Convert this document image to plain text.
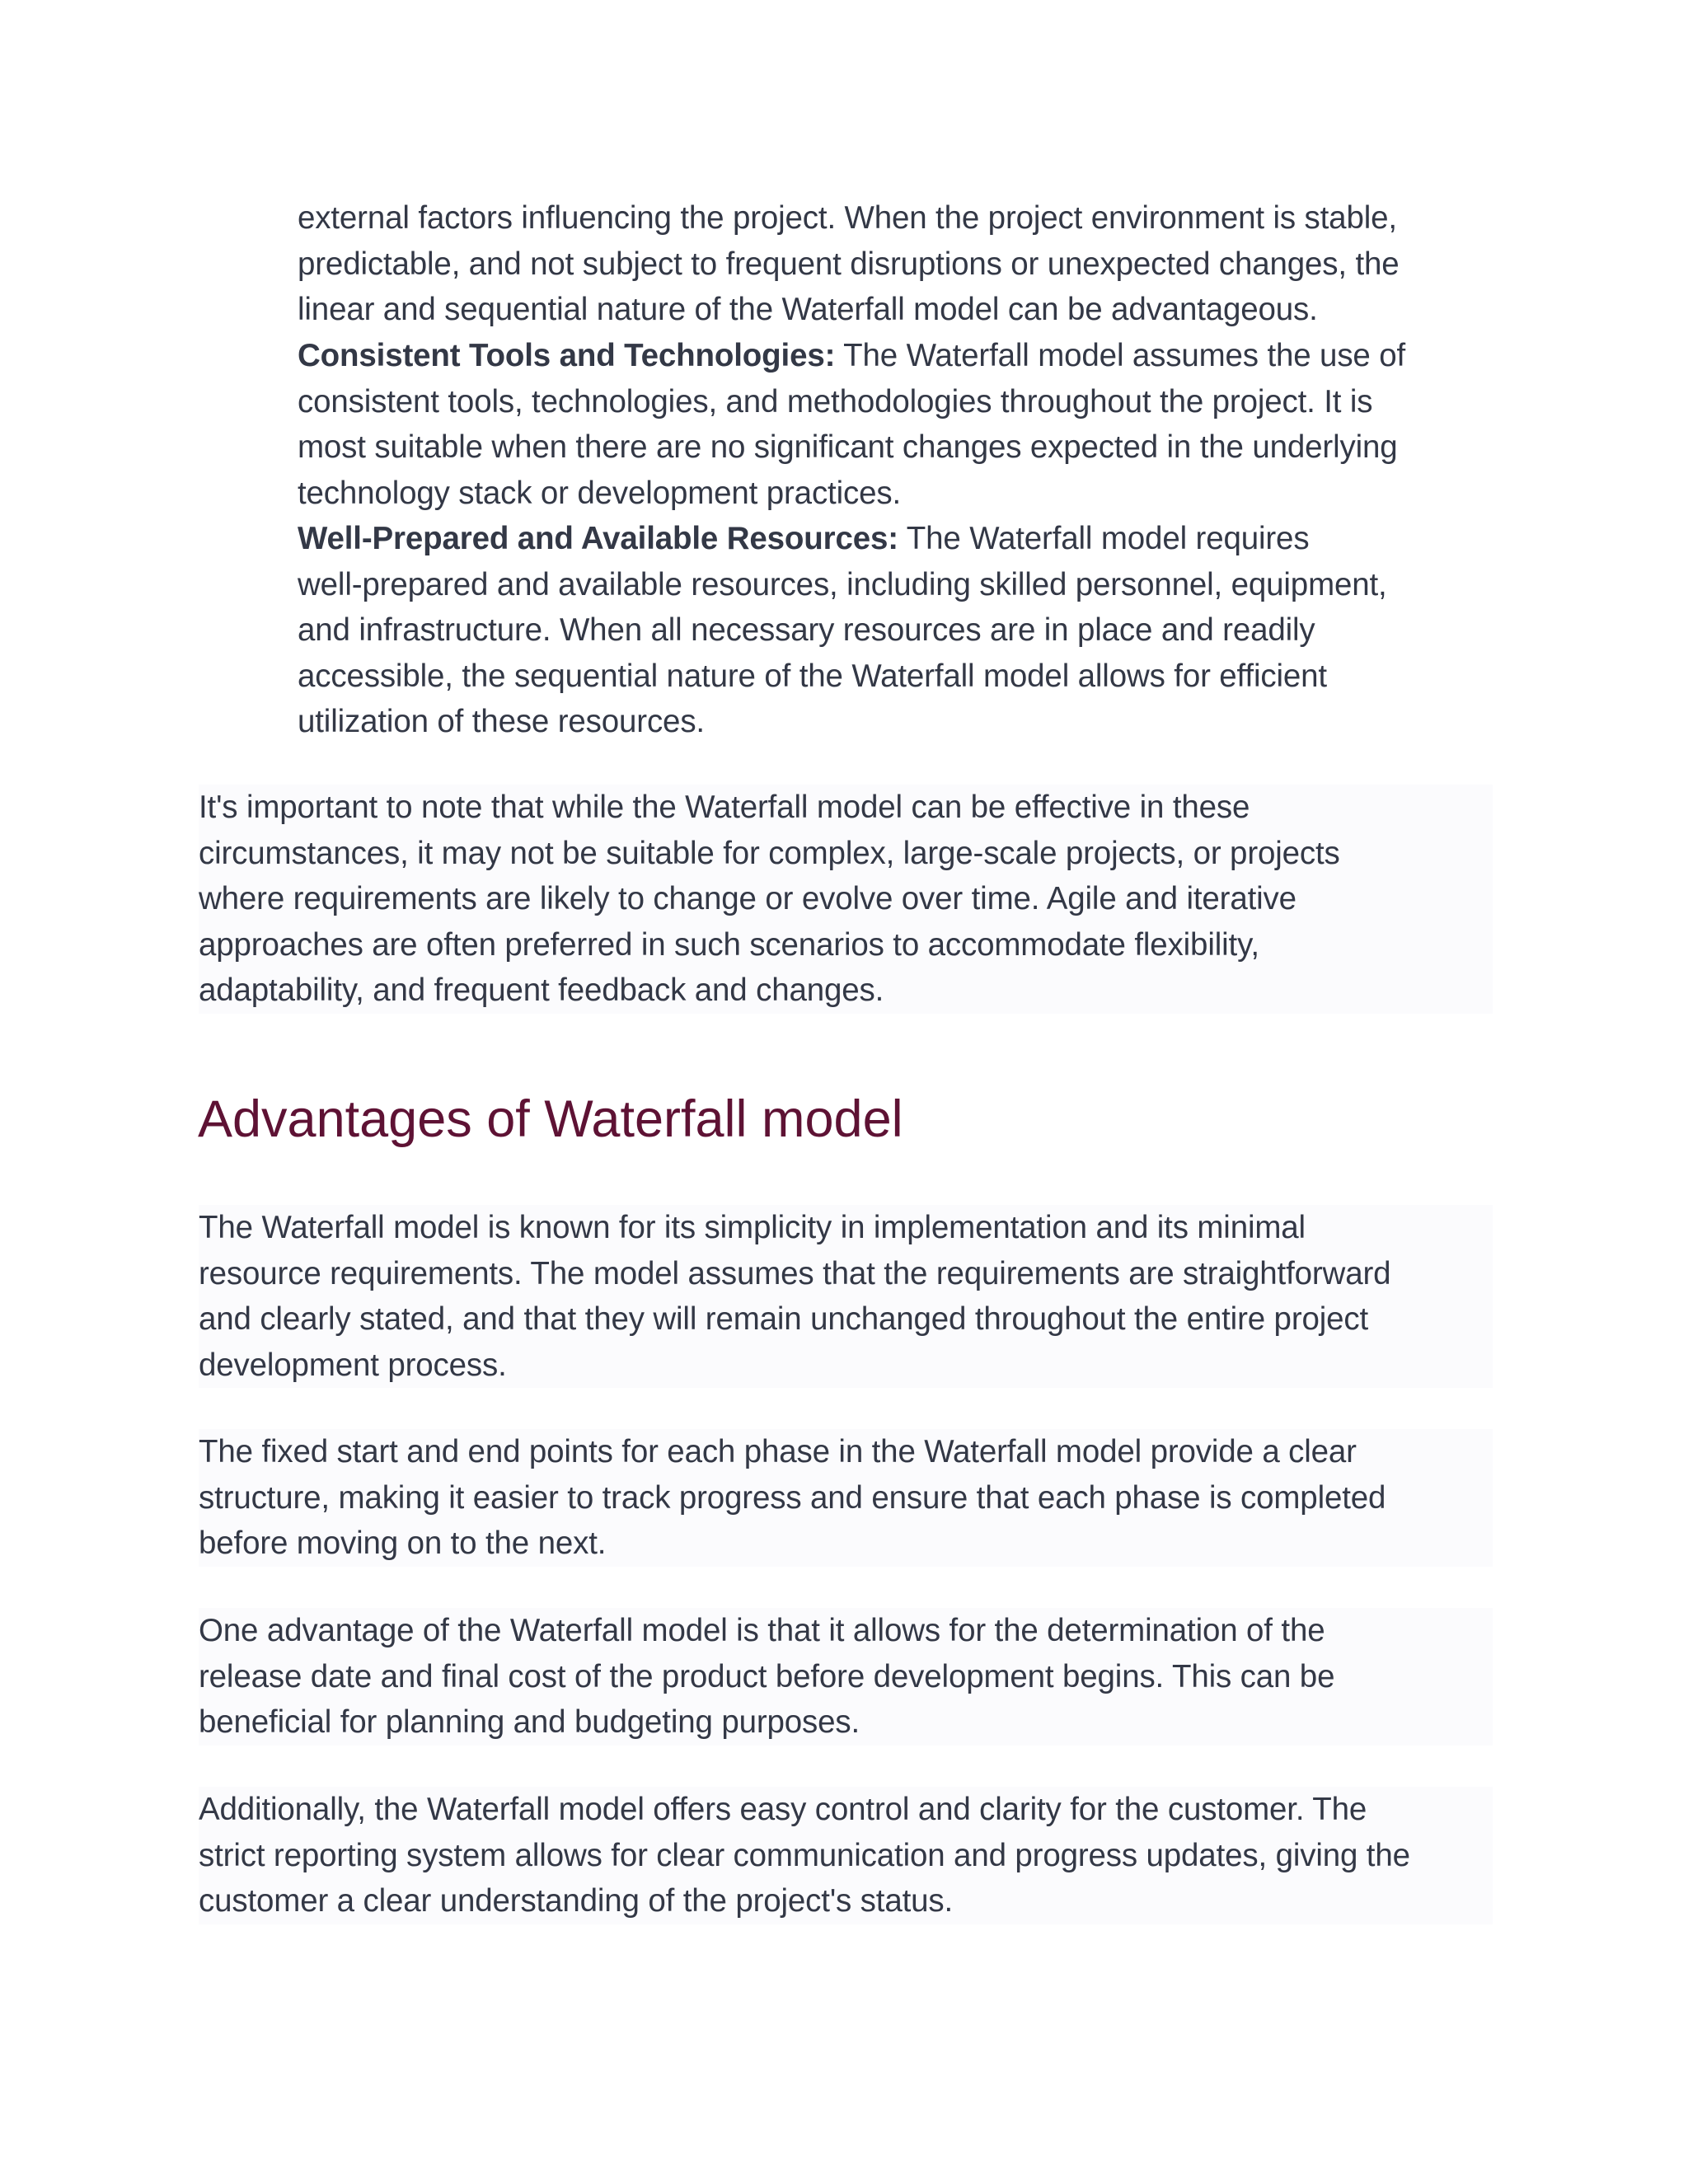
external factors influencing the project. When the project environment is stable,
predictable, and not subject to frequent disruptions or unexpected changes, the
linear and sequential nature of the Waterfall model can be advantageous.
Consistent Tools and Technologies: The Waterfall model assumes the use of
consistent tools, technologies, and methodologies throughout the project. It is
most suitable when there are no significant changes expected in the underlying
technology stack or development practices.
Well-Prepared and Available Resources: The Waterfall model requires
well-prepared and available resources, including skilled personnel, equipment,
and infrastructure. When all necessary resources are in place and readily
accessible, the sequential nature of the Waterfall model allows for efficient
utilization of these resources.
It's important to note that while the Waterfall model can be effective in these
circumstances, it may not be suitable for complex, large-scale projects, or projects
where requirements are likely to change or evolve over time. Agile and iterative
approaches are often preferred in such scenarios to accommodate flexibility,
adaptability, and frequent feedback and changes.
Advantages of Waterfall model
The Waterfall model is known for its simplicity in implementation and its minimal
resource requirements. The model assumes that the requirements are straightforward
and clearly stated, and that they will remain unchanged throughout the entire project
development process.
The fixed start and end points for each phase in the Waterfall model provide a clear
structure, making it easier to track progress and ensure that each phase is completed
before moving on to the next.
One advantage of the Waterfall model is that it allows for the determination of the
release date and final cost of the product before development begins. This can be
beneficial for planning and budgeting purposes.
Additionally, the Waterfall model offers easy control and clarity for the customer. The
strict reporting system allows for clear communication and progress updates, giving the
customer a clear understanding of the project's status.
